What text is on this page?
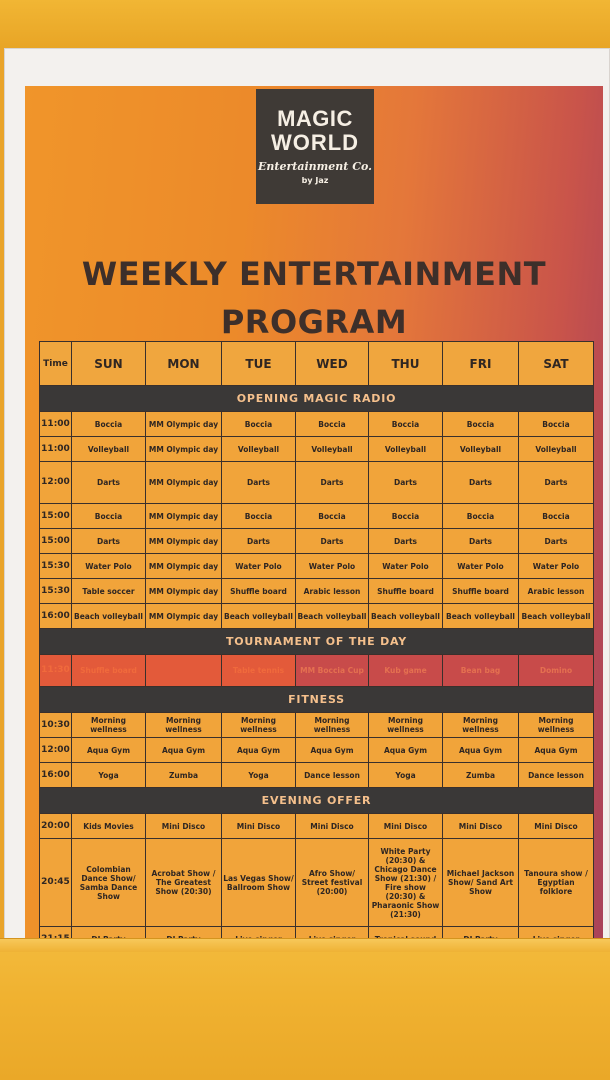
MAGIC
WORLD
Entertainment Co.
by Jaz
WEEKLY ENTERTAINMENT
PROGRAM
Time	SUN	MON	TUE	WED	THU	FRI	SAT
OPENING MAGIC RADIO							
11:00	Boccia	MM Olympic day	Boccia	Boccia	Boccia	Boccia	Boccia
11:00	Volleyball	MM Olympic day	Volleyball	Volleyball	Volleyball	Volleyball	Volleyball
12:00	Darts	MM Olympic day	Darts	Darts	Darts	Darts	Darts
15:00	Boccia	MM Olympic day	Boccia	Boccia	Boccia	Boccia	Boccia
15:00	Darts	MM Olympic day	Darts	Darts	Darts	Darts	Darts
15:30	Water Polo	MM Olympic day	Water Polo	Water Polo	Water Polo	Water Polo	Water Polo
15:30	Table soccer	MM Olympic day	Shuffle board	Arabic lesson	Shuffle board	Shuffle board	Arabic lesson
16:00	Beach volleyball	MM Olympic day	Beach volleyball	Beach volleyball	Beach volleyball	Beach volleyball	Beach volleyball
TOURNAMENT OF THE DAY							
11:30	Shuffle board		Table tennis	MM Boccia Cup	Kub game	Bean bag	Domino
FITNESS							
10:30	Morning wellness	Morning wellness	Morning wellness	Morning wellness	Morning wellness	Morning wellness	Morning wellness
12:00	Aqua Gym	Aqua Gym	Aqua Gym	Aqua Gym	Aqua Gym	Aqua Gym	Aqua Gym
16:00	Yoga	Zumba	Yoga	Dance lesson	Yoga	Zumba	Dance lesson
EVENING OFFER							
20:00	Kids Movies	Mini Disco	Mini Disco	Mini Disco	Mini Disco	Mini Disco	Mini Disco
20:45	Colombian Dance Show/ Samba Dance Show	Acrobat Show / The Greatest Show (20:30)	Las Vegas Show/ Ballroom Show	Afro Show/ Street festival (20:00)	White Party (20:30) & Chicago Dance Show (21:30) / Fire show (20:30) & Pharaonic Show (21:30)	Michael Jackson Show/ Sand Art Show	Tanoura show / Egyptian folklore
